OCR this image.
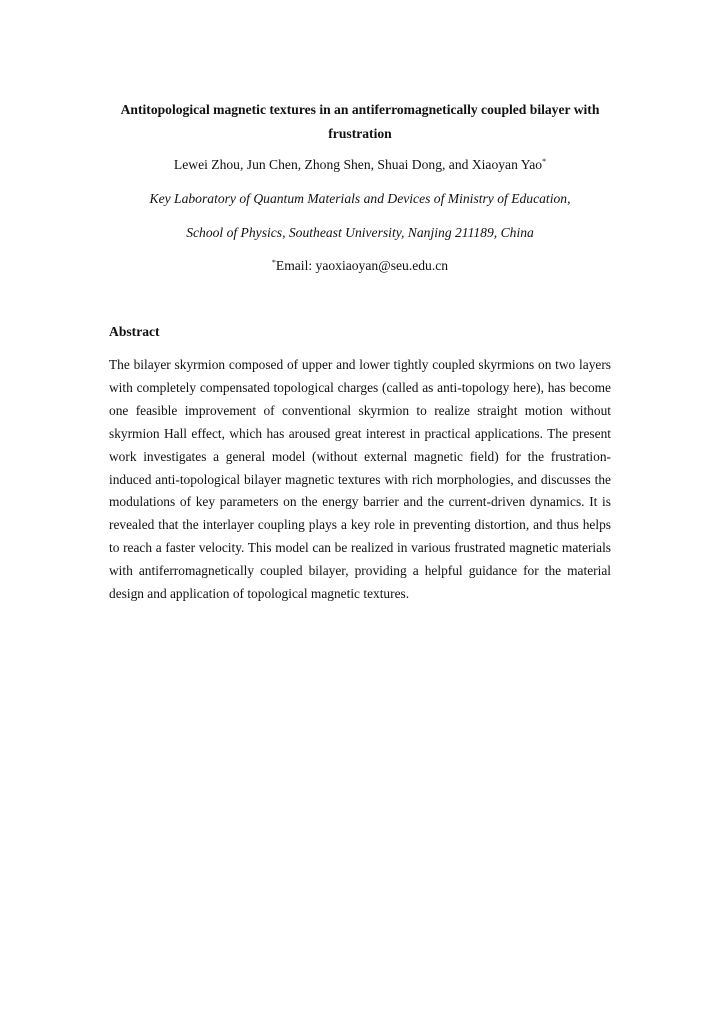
Antitopological magnetic textures in an antiferromagnetically coupled bilayer with frustration
Lewei Zhou, Jun Chen, Zhong Shen, Shuai Dong, and Xiaoyan Yao*
Key Laboratory of Quantum Materials and Devices of Ministry of Education,
School of Physics, Southeast University, Nanjing 211189, China
*Email: yaoxiaoyan@seu.edu.cn
Abstract

The bilayer skyrmion composed of upper and lower tightly coupled skyrmions on two layers with completely compensated topological charges (called as anti-topology here), has become one feasible improvement of conventional skyrmion to realize straight motion without skyrmion Hall effect, which has aroused great interest in practical applications. The present work investigates a general model (without external magnetic field) for the frustration-induced anti-topological bilayer magnetic textures with rich morphologies, and discusses the modulations of key parameters on the energy barrier and the current-driven dynamics. It is revealed that the interlayer coupling plays a key role in preventing distortion, and thus helps to reach a faster velocity. This model can be realized in various frustrated magnetic materials with antiferromagnetically coupled bilayer, providing a helpful guidance for the material design and application of topological magnetic textures.
